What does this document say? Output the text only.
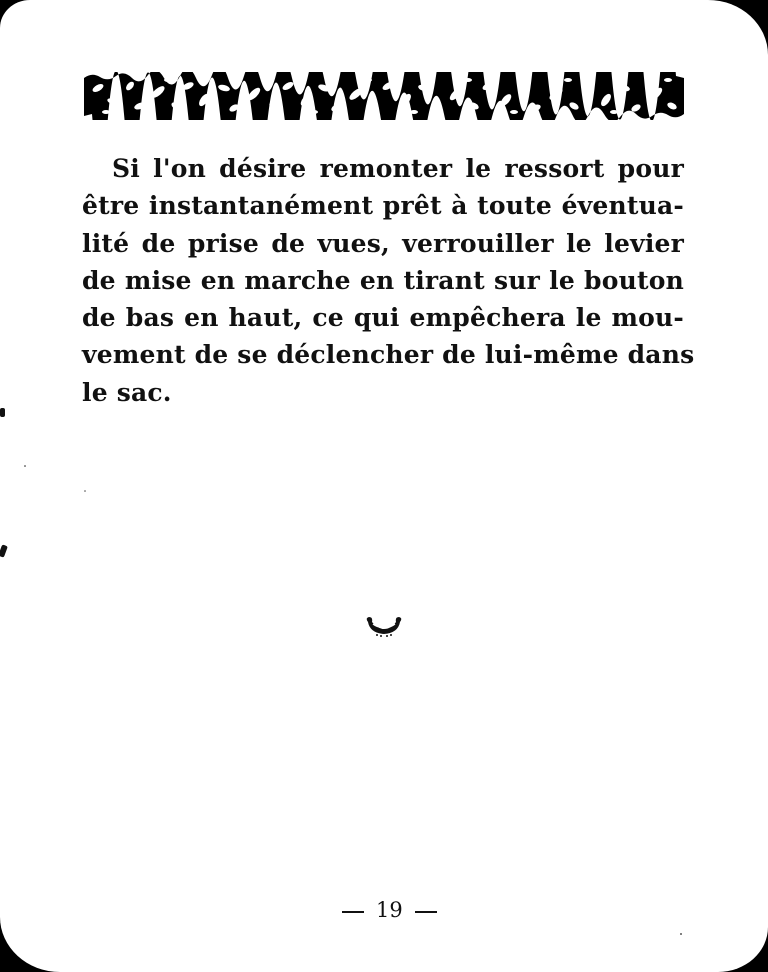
Si l'on désire remonter le ressort pour
être instantanément prêt à toute éventua-
lité de prise de vues, verrouiller le levier
de mise en marche en tirant sur le bouton
de bas en haut, ce qui empêchera le mou-
vement de se déclencher de lui-même dans
le sac.
19
